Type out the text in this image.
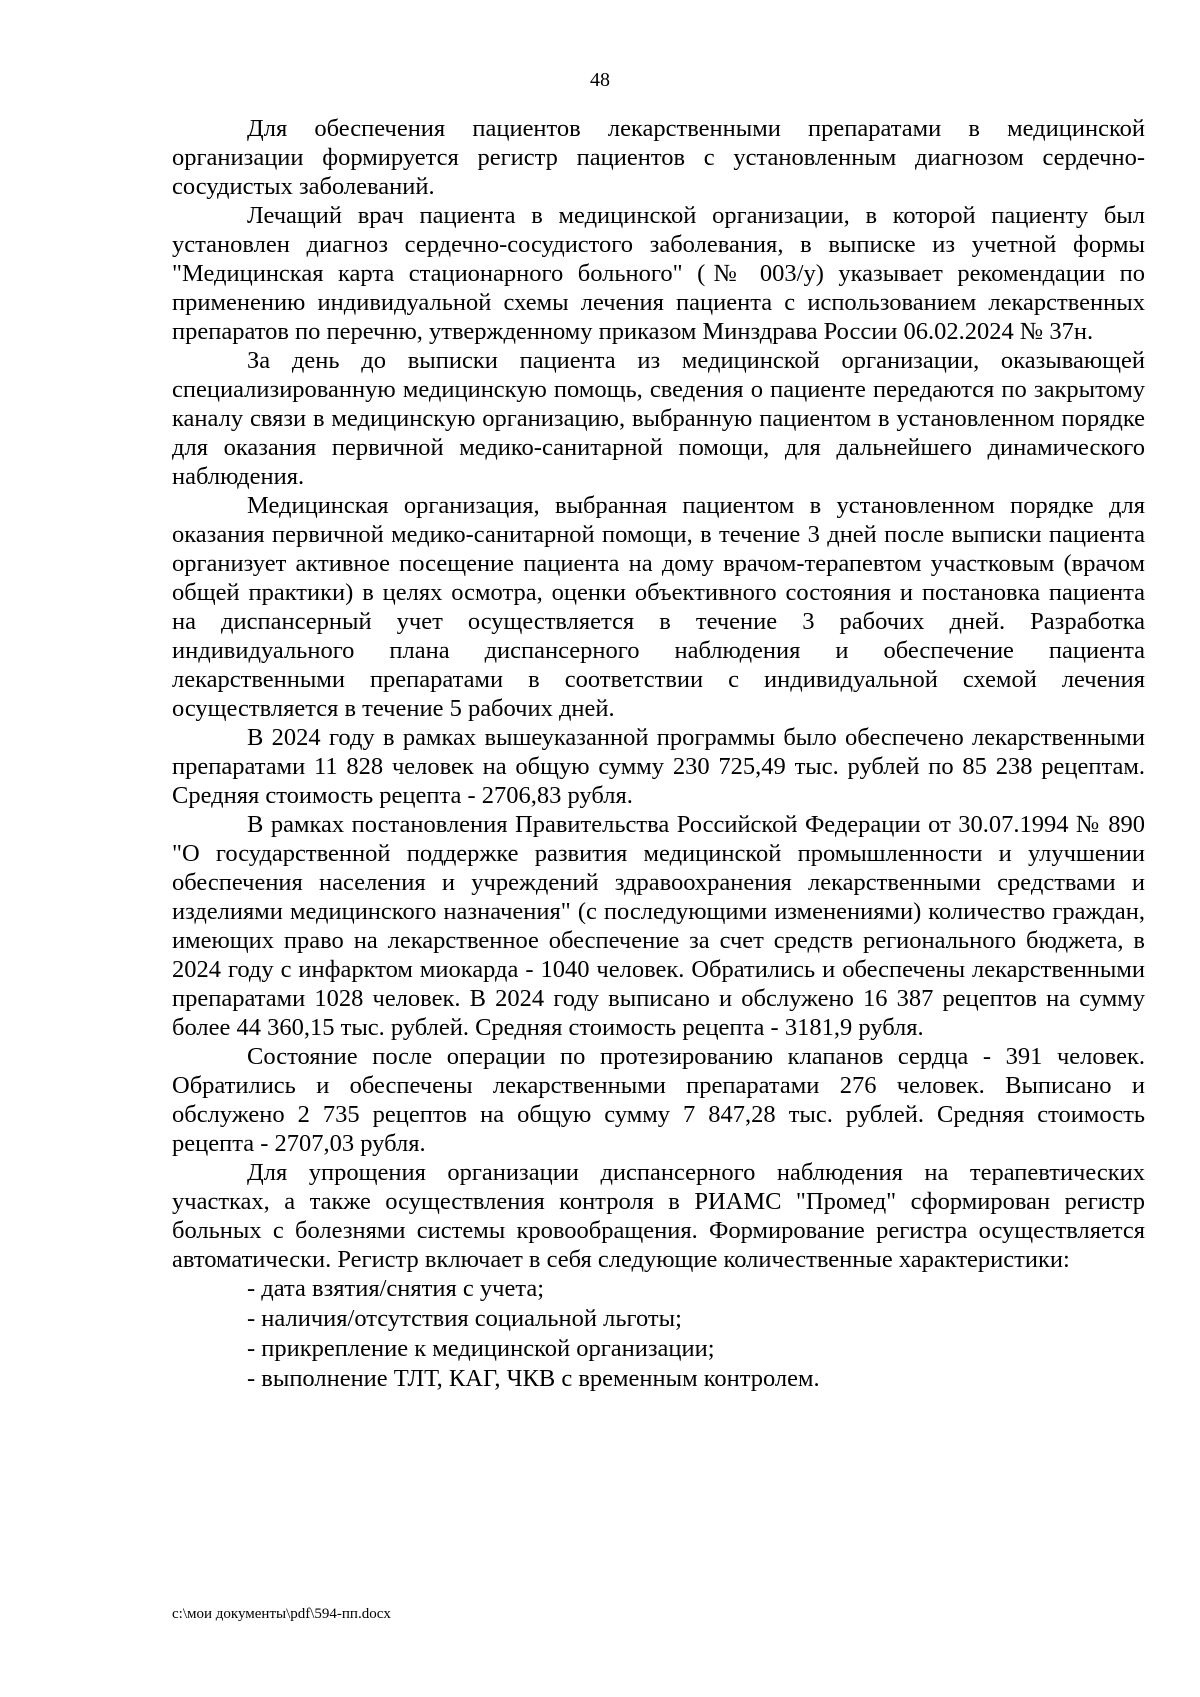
48

Для обеспечения пациентов лекарственными препаратами в медицинской организации формируется регистр пациентов с установленным диагнозом сердечно-сосудистых заболеваний.

Лечащий врач пациента в медицинской организации, в которой пациенту был установлен диагноз сердечно-сосудистого заболевания, в выписке из учетной формы "Медицинская карта стационарного больного" (№ 003/у) указывает рекомендации по применению индивидуальной схемы лечения пациента с использованием лекарственных препаратов по перечню, утвержденному приказом Минздрава России 06.02.2024 № 37н.

За день до выписки пациента из медицинской организации, оказывающей специализированную медицинскую помощь, сведения о пациенте передаются по закрытому каналу связи в медицинскую организацию, выбранную пациентом в установленном порядке для оказания первичной медико-санитарной помощи, для дальнейшего динамического наблюдения.

Медицинская организация, выбранная пациентом в установленном порядке для оказания первичной медико-санитарной помощи, в течение 3 дней после выписки пациента организует активное посещение пациента на дому врачом-терапевтом участковым (врачом общей практики) в целях осмотра, оценки объективного состояния и постановка пациента на диспансерный учет осуществляется в течение 3 рабочих дней. Разработка индивидуального плана диспансерного наблюдения и обеспечение пациента лекарственными препаратами в соответствии с индивидуальной схемой лечения осуществляется в течение 5 рабочих дней.

В 2024 году в рамках вышеуказанной программы было обеспечено лекарственными препаратами 11 828 человек на общую сумму 230 725,49 тыс. рублей по 85 238 рецептам. Средняя стоимость рецепта - 2706,83 рубля.

В рамках постановления Правительства Российской Федерации от 30.07.1994 № 890 "О государственной поддержке развития медицинской промышленности и улучшении обеспечения населения и учреждений здравоохранения лекарственными средствами и изделиями медицинского назначения" (с последующими изменениями) количество граждан, имеющих право на лекарственное обеспечение за счет средств регионального бюджета, в 2024 году с инфарктом миокарда - 1040 человек. Обратились и обеспечены лекарственными препаратами 1028 человек. В 2024 году выписано и обслужено 16 387 рецептов на сумму более 44 360,15 тыс. рублей. Средняя стоимость рецепта - 3181,9 рубля.

Состояние после операции по протезированию клапанов сердца - 391 человек. Обратились и обеспечены лекарственными препаратами 276 человек. Выписано и обслужено 2 735 рецептов на общую сумму 7 847,28 тыс. рублей. Средняя стоимость рецепта - 2707,03 рубля.

Для упрощения организации диспансерного наблюдения на терапевтических участках, а также осуществления контроля в РИАМС "Промед" сформирован регистр больных с болезнями системы кровообращения. Формирование регистра осуществляется автоматически. Регистр включает в себя следующие количественные характеристики:

- дата взятия/снятия с учета;
- наличия/отсутствия социальной льготы;
- прикрепление к медицинской организации;
- выполнение ТЛТ, КАГ, ЧКВ с временным контролем.
c:\мои документы\pdf\594-пп.docx
